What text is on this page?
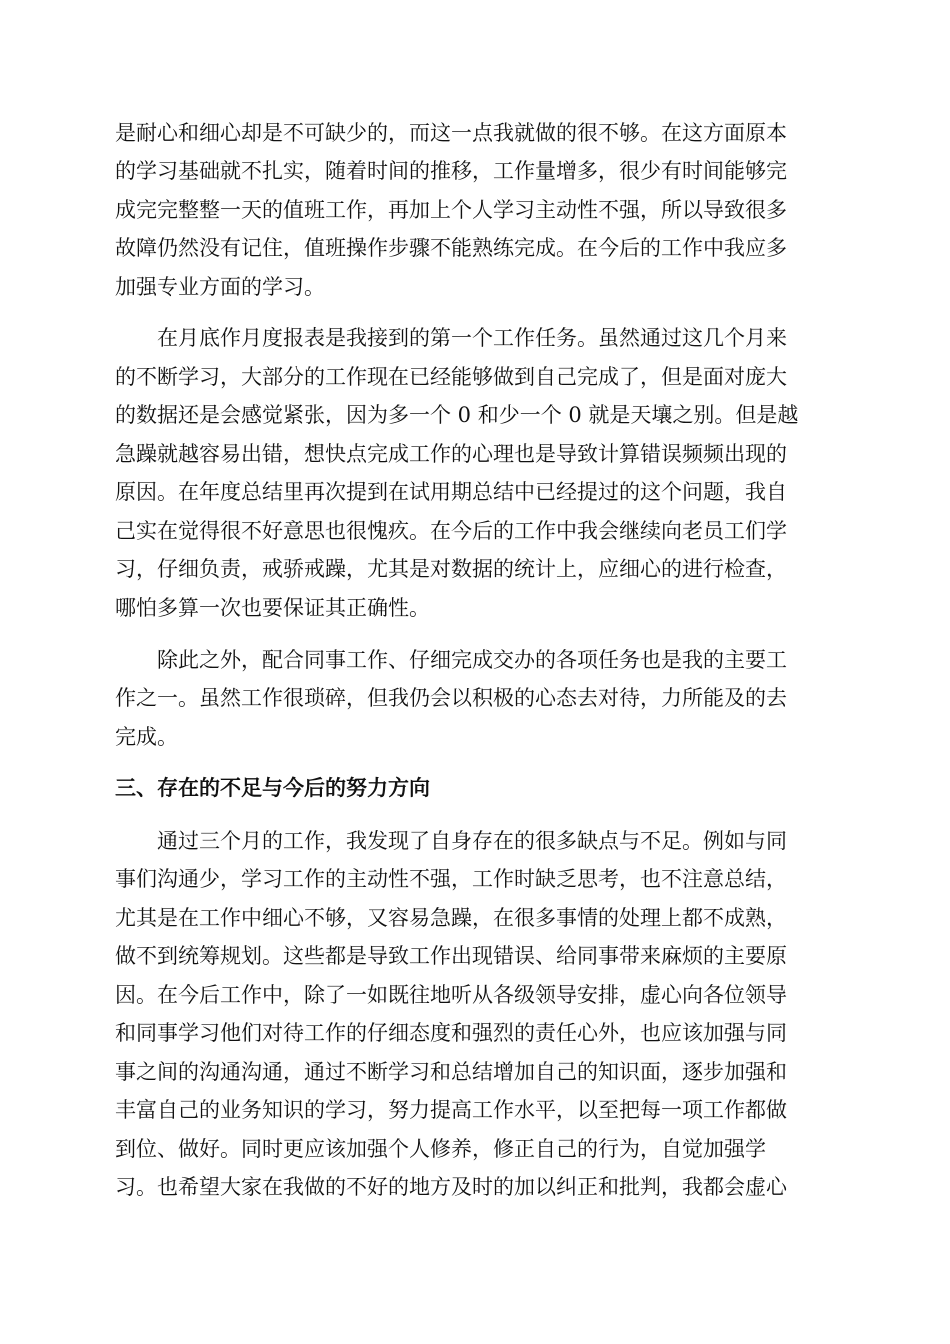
是耐心和细心却是不可缺少的，而这一点我就做的很不够。在这方面原本
的学习基础就不扎实，随着时间的推移，工作量增多，很少有时间能够完
成完完整整一天的值班工作，再加上个人学习主动性不强，所以导致很多
故障仍然没有记住，值班操作步骤不能熟练完成。在今后的工作中我应多
加强专业方面的学习。
在月底作月度报表是我接到的第一个工作任务。虽然通过这几个月来
的不断学习，大部分的工作现在已经能够做到自己完成了，但是面对庞大
的数据还是会感觉紧张，因为多一个 0 和少一个 0 就是天壤之别。但是越
急躁就越容易出错，想快点完成工作的心理也是导致计算错误频频出现的
原因。在年度总结里再次提到在试用期总结中已经提过的这个问题，我自
己实在觉得很不好意思也很愧疚。在今后的工作中我会继续向老员工们学
习，仔细负责，戒骄戒躁，尤其是对数据的统计上，应细心的进行检查，
哪怕多算一次也要保证其正确性。
除此之外，配合同事工作、仔细完成交办的各项任务也是我的主要工
作之一。虽然工作很琐碎，但我仍会以积极的心态去对待，力所能及的去
完成。
三、存在的不足与今后的努力方向
通过三个月的工作，我发现了自身存在的很多缺点与不足。例如与同
事们沟通少，学习工作的主动性不强，工作时缺乏思考，也不注意总结，
尤其是在工作中细心不够，又容易急躁，在很多事情的处理上都不成熟，
做不到统筹规划。这些都是导致工作出现错误、给同事带来麻烦的主要原
因。在今后工作中，除了一如既往地听从各级领导安排，虚心向各位领导
和同事学习他们对待工作的仔细态度和强烈的责任心外，也应该加强与同
事之间的沟通沟通，通过不断学习和总结增加自己的知识面，逐步加强和
丰富自己的业务知识的学习，努力提高工作水平，以至把每一项工作都做
到位、做好。同时更应该加强个人修养，修正自己的行为，自觉加强学
习。也希望大家在我做的不好的地方及时的加以纠正和批判，我都会虚心
